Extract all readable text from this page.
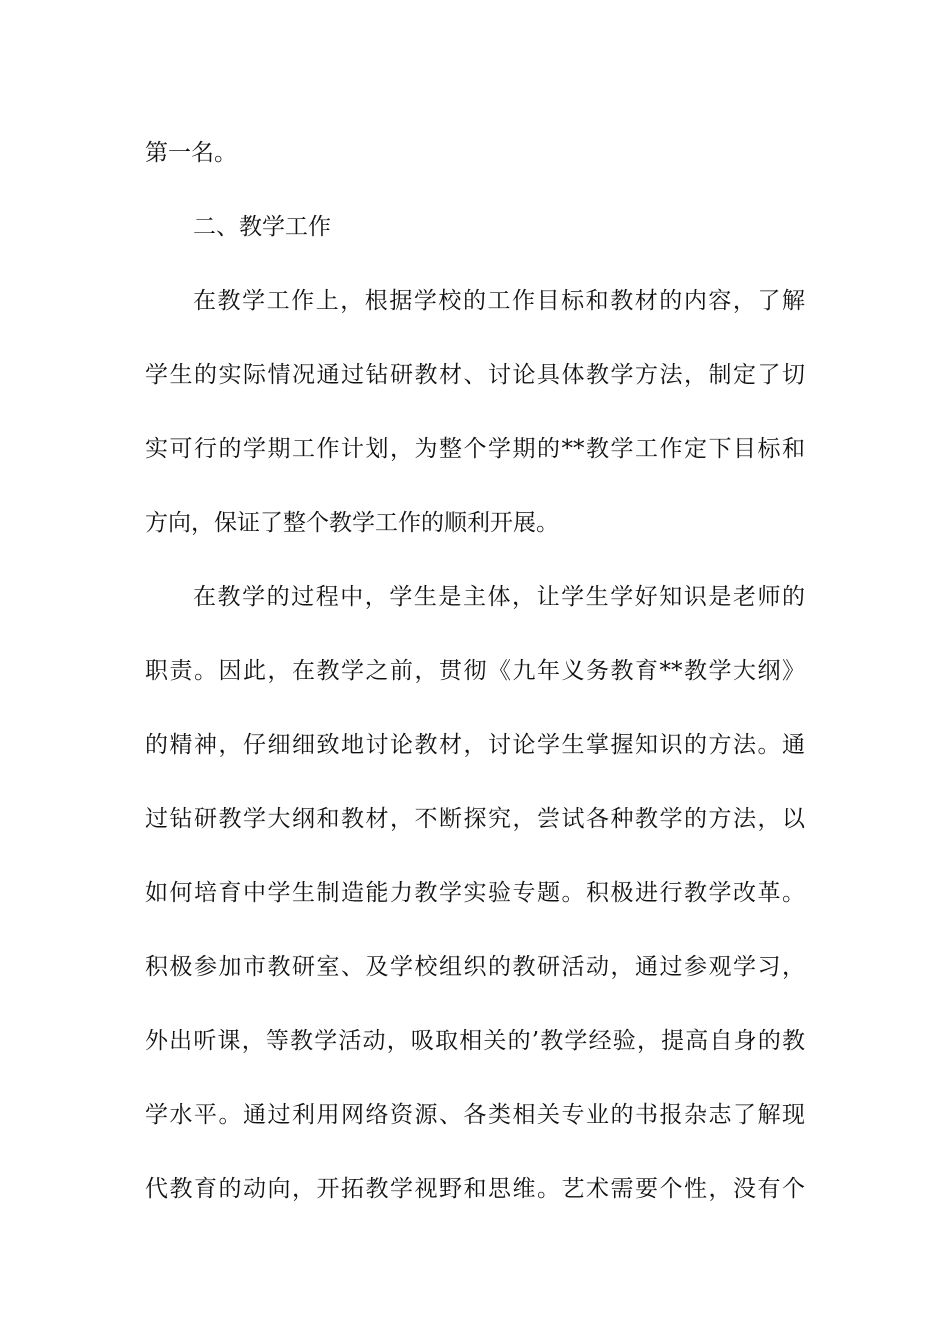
第一名。
二、教学工作
在教学工作上，根据学校的工作目标和教材的内容，了解
学生的实际情况通过钻研教材、讨论具体教学方法，制定了切
实可行的学期工作计划，为整个学期的**教学工作定下目标和
方向，保证了整个教学工作的顺利开展。
在教学的过程中，学生是主体，让学生学好知识是老师的
职责。因此，在教学之前，贯彻《九年义务教育**教学大纲》
的精神，仔细细致地讨论教材，讨论学生掌握知识的方法。通
过钻研教学大纲和教材，不断探究，尝试各种教学的方法，以
如何培育中学生制造能力教学实验专题。积极进行教学改革。
积极参加市教研室、及学校组织的教研活动，通过参观学习，
外出听课，等教学活动，吸取相关的’教学经验，提高自身的教
学水平。通过利用网络资源、各类相关专业的书报杂志了解现
代教育的动向，开拓教学视野和思维。艺术需要个性，没有个
